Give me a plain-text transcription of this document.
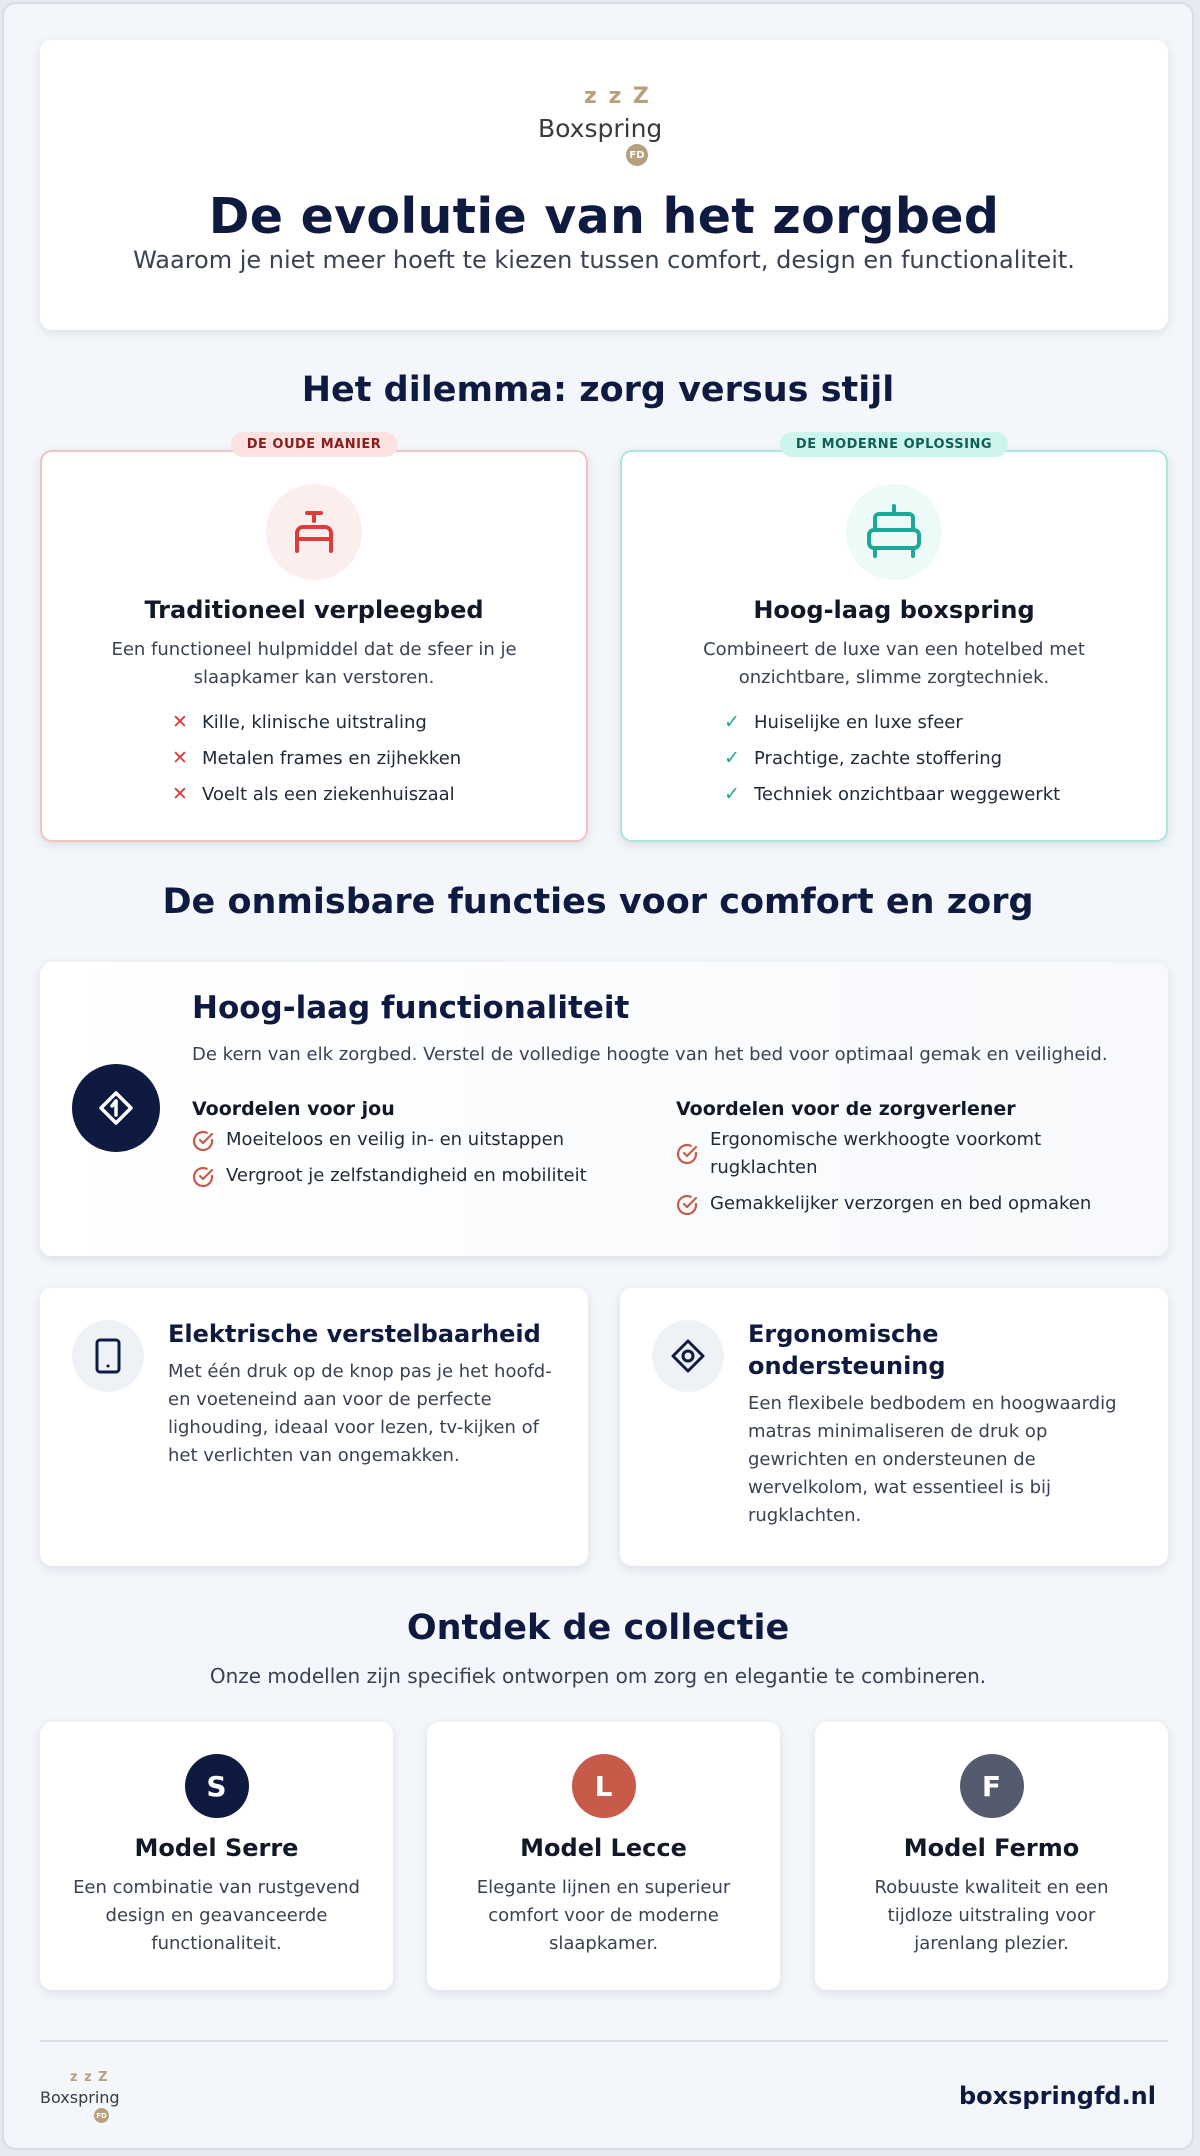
z z Z
Boxspring
FD
De evolutie van het zorgbed

Waarom je niet meer hoeft te kiezen tussen comfort, design en functionaliteit.

Het dilemma: zorg versus stijl
DE OUDE MANIER
Traditioneel verpleegbed

Een functioneel hulpmiddel dat de sfeer in je slaapkamer kan verstoren.

✕ Kille, klinische uitstraling
✕ Metalen frames en zijhekken
✕ Voelt als een ziekenhuiszaal
DE MODERNE OPLOSSING
Hoog-laag boxspring

Combineert de luxe van een hotelbed met onzichtbare, slimme zorgtechniek.

✓ Huiselijke en luxe sfeer
✓ Prachtige, zachte stoffering
✓ Techniek onzichtbaar weggewerkt
De onmisbare functies voor comfort en zorg
Hoog-laag functionaliteit

De kern van elk zorgbed. Verstel de volledige hoogte van het bed voor optimaal gemak en veiligheid.

Voordelen voor jou
Moeiteloos en veilig in- en uitstappen
Vergroot je zelfstandigheid en mobiliteit
Voordelen voor de zorgverlener
Ergonomische werkhoogte voorkomt rugklachten
Gemakkelijker verzorgen en bed opmaken
Elektrische verstelbaarheid

Met één druk op de knop pas je het hoofd- en voeteneind aan voor de perfecte lighouding, ideaal voor lezen, tv-kijken of het verlichten van ongemakken.

Ergonomische ondersteuning

Een flexibele bedbodem en hoogwaardig matras minimaliseren de druk op gewrichten en ondersteunen de wervelkolom, wat essentieel is bij rugklachten.

Ontdek de collectie

Onze modellen zijn specifiek ontworpen om zorg en elegantie te combineren.

S
Model Serre

Een combinatie van rustgevend design en geavanceerde functionaliteit.

L
Model Lecce

Elegante lijnen en superieur comfort voor de moderne slaapkamer.

F
Model Fermo

Robuuste kwaliteit en een tijdloze uitstraling voor jarenlang plezier.

z z Z
Boxspring
FD
boxspringfd.nl
